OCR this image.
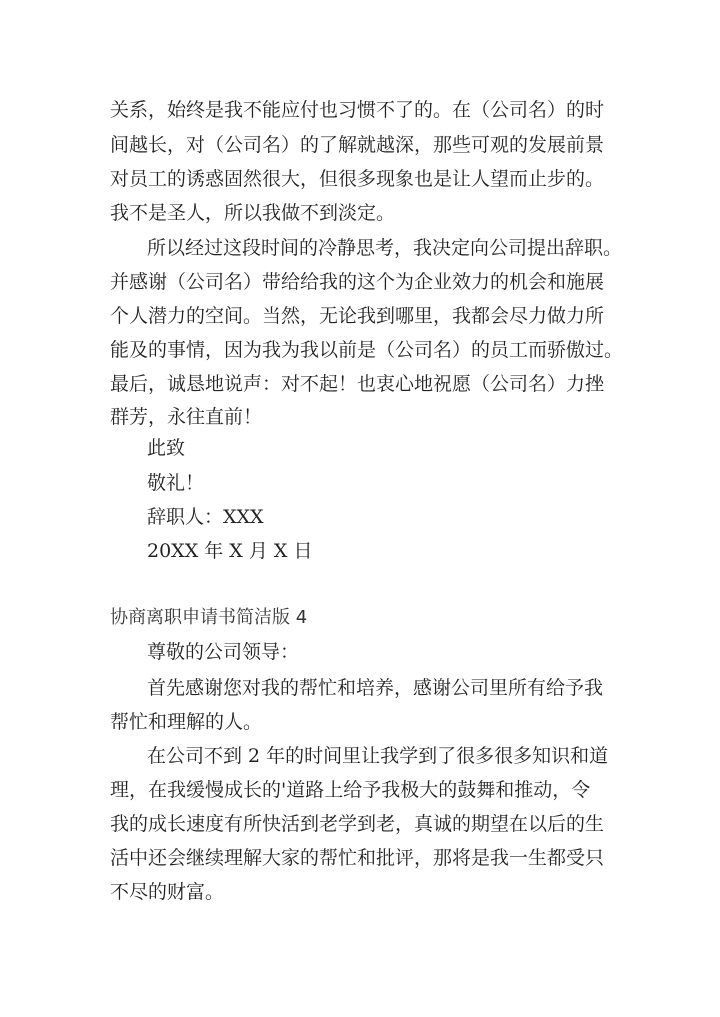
关系，始终是我不能应付也习惯不了的。在（公司名）的时
间越长，对（公司名）的了解就越深，那些可观的发展前景
对员工的诱惑固然很大，但很多现象也是让人望而止步的。
我不是圣人，所以我做不到淡定。
所以经过这段时间的冷静思考，我决定向公司提出辞职。
并感谢（公司名）带给给我的这个为企业效力的机会和施展
个人潜力的空间。当然，无论我到哪里，我都会尽力做力所
能及的事情，因为我为我以前是（公司名）的员工而骄傲过。
最后，诚恳地说声：对不起！也衷心地祝愿（公司名）力挫
群芳，永往直前！
此致
敬礼！
辞职人：XXX
20XX 年 X 月 X 日
协商离职申请书简洁版 4
尊敬的公司领导：
首先感谢您对我的帮忙和培养，感谢公司里所有给予我
帮忙和理解的人。
在公司不到 2 年的时间里让我学到了很多很多知识和道
理，在我缓慢成长的'道路上给予我极大的鼓舞和推动，令
我的成长速度有所快活到老学到老，真诚的期望在以后的生
活中还会继续理解大家的帮忙和批评，那将是我一生都受只
不尽的财富。
